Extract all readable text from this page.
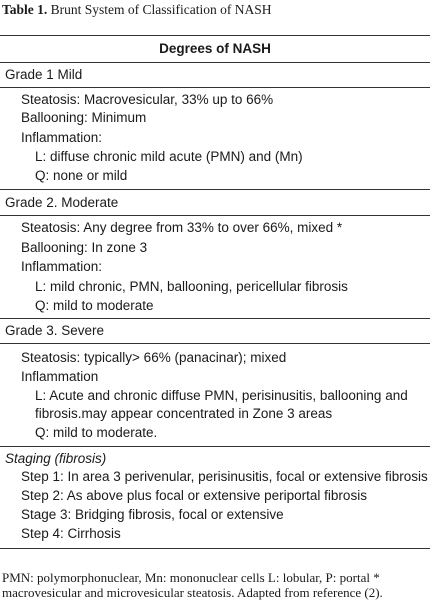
Table 1. Brunt System of Classification of NASH
Degrees of NASH
Grade 1 Mild
Steatosis: Macrovesicular, 33% up to 66%
Ballooning: Minimum
Inflammation:
L: diffuse chronic mild acute (PMN) and (Mn)
Q: none or mild
Grade 2. Moderate
Steatosis: Any degree from 33% to over 66%, mixed *
Ballooning: In zone 3
Inflammation:
L: mild chronic, PMN, ballooning, pericellular fibrosis
Q: mild to moderate
Grade 3. Severe
Steatosis: typically> 66% (panacinar); mixed
Inflammation
L: Acute and chronic diffuse PMN, perisinusitis, ballooning and
fibrosis.may appear concentrated in Zone 3 areas
Q: mild to moderate.
Staging (fibrosis)
Step 1: In area 3 perivenular, perisinusitis, focal or extensive fibrosis
Step 2: As above plus focal or extensive periportal fibrosis
Stage 3: Bridging fibrosis, focal or extensive
Step 4: Cirrhosis
PMN: polymorphonuclear, Mn: mononuclear cells L: lobular, P: portal *
macrovesicular and microvesicular steatosis. Adapted from reference (2).
